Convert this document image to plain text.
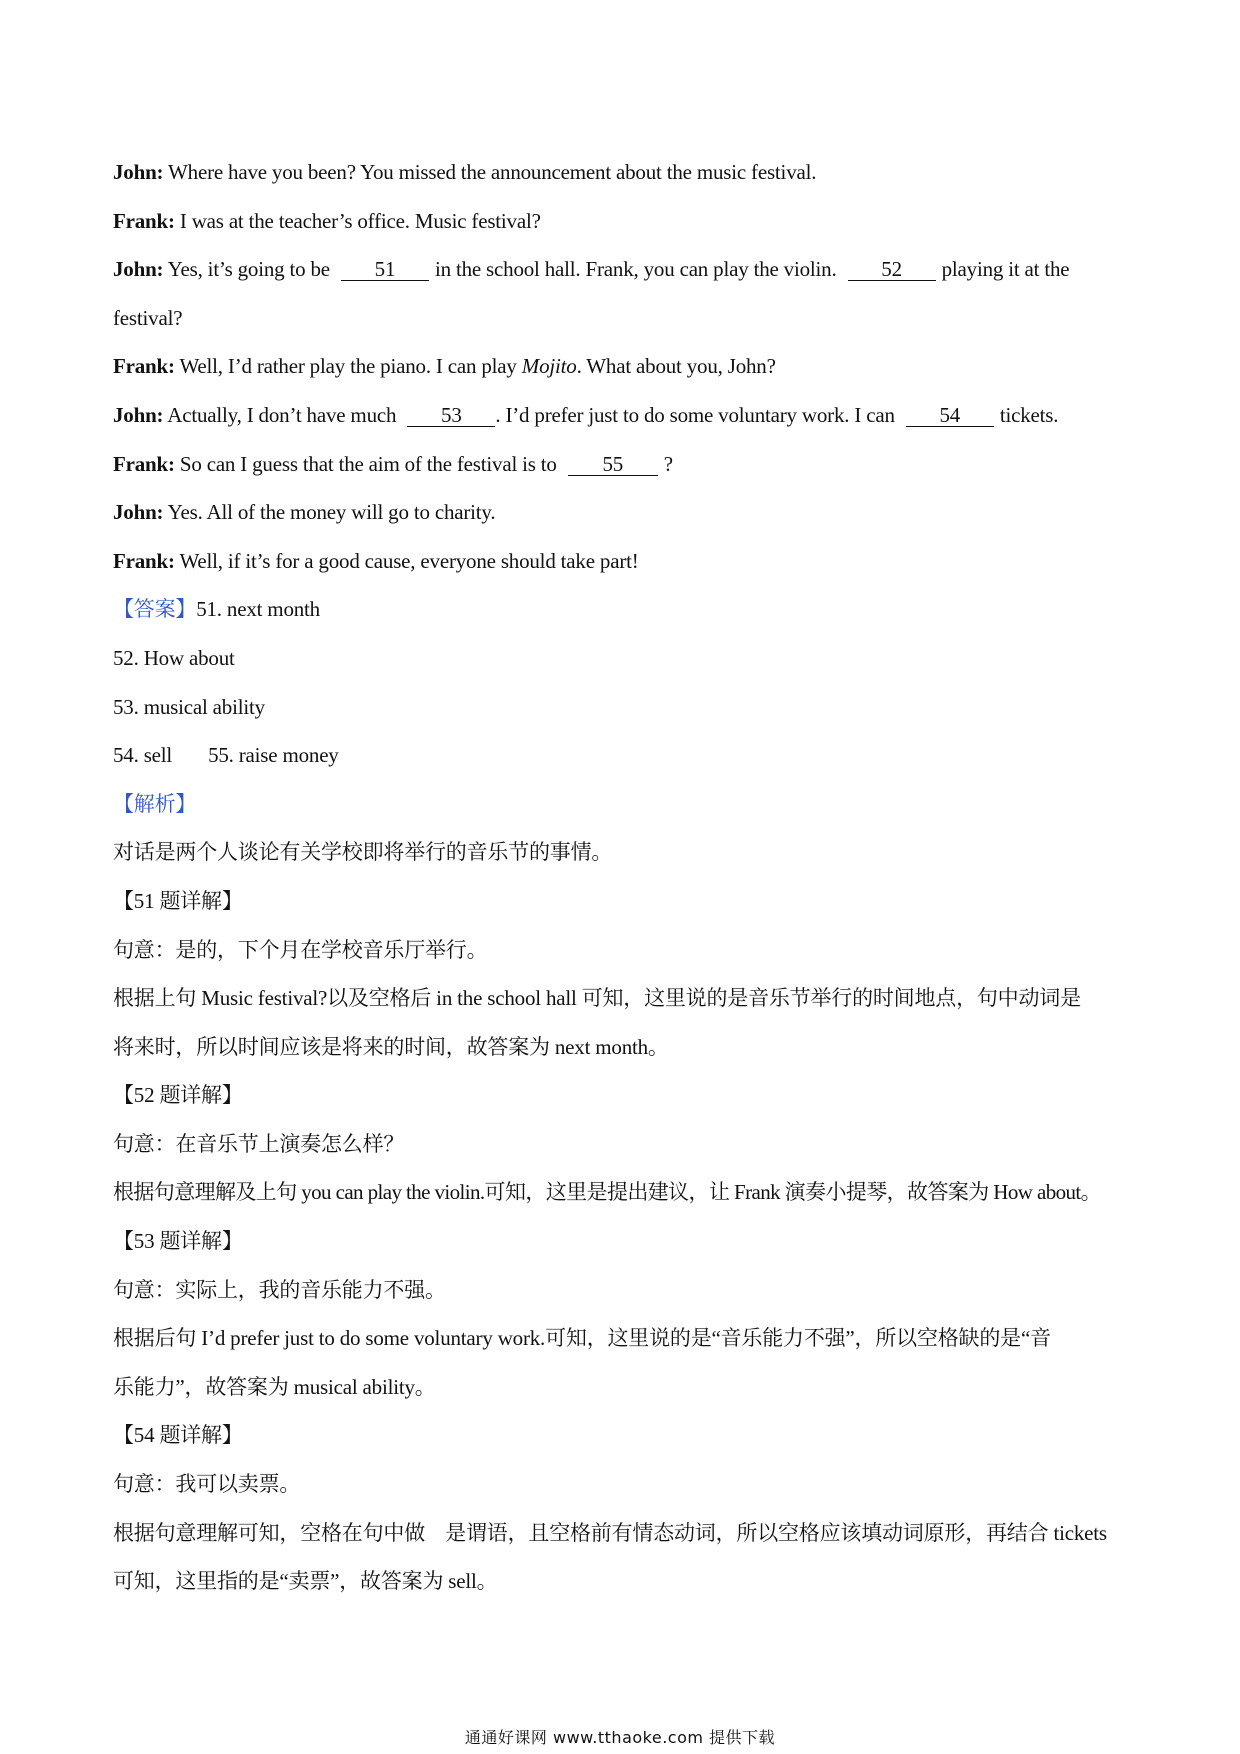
John: Where have you been? You missed the announcement about the music festival.
Frank: I was at the teacher’s office. Music festival?
John: Yes, it’s going to be 51 in the school hall. Frank, you can play the violin. 52 playing it at the
festival?
Frank: Well, I’d rather play the piano. I can play Mojito. What about you, John?
John: Actually, I don’t have much 53 . I’d prefer just to do some voluntary work. I can 54 tickets.
Frank: So can I guess that the aim of the festival is to 55 ?
John: Yes. All of the money will go to charity.
Frank: Well, if it’s for a good cause, everyone should take part!
【答案】51. next month
52. How about
53. musical ability
54. sell 55. raise money
【解析】
对话是两个人谈论有关学校即将举行的音乐节的事情。
【51 题详解】
句意：是的，下个月在学校音乐厅举行。
根据上句 Music festival?以及空格后 in the school hall 可知，这里说的是音乐节举行的时间地点，句中动词是
将来时，所以时间应该是将来的时间，故答案为 next month。
【52 题详解】
句意：在音乐节上演奏怎么样？
根据句意理解及上句 you can play the violin.可知，这里是提出建议，让 Frank 演奏小提琴，故答案为 How about。
【53 题详解】
句意：实际上，我的音乐能力不强。
根据后句 I’d prefer just to do some voluntary work.可知，这里说的是“音乐能力不强”，所以空格缺的是“音
乐能力”，故答案为 musical ability。
【54 题详解】
句意：我可以卖票。
根据句意理解可知，空格在句中做    是谓语，且空格前有情态动词，所以空格应该填动词原形，再结合 tickets
可知，这里指的是“卖票”，故答案为 sell。
通通好课网 www.tthaoke.com 提供下载
